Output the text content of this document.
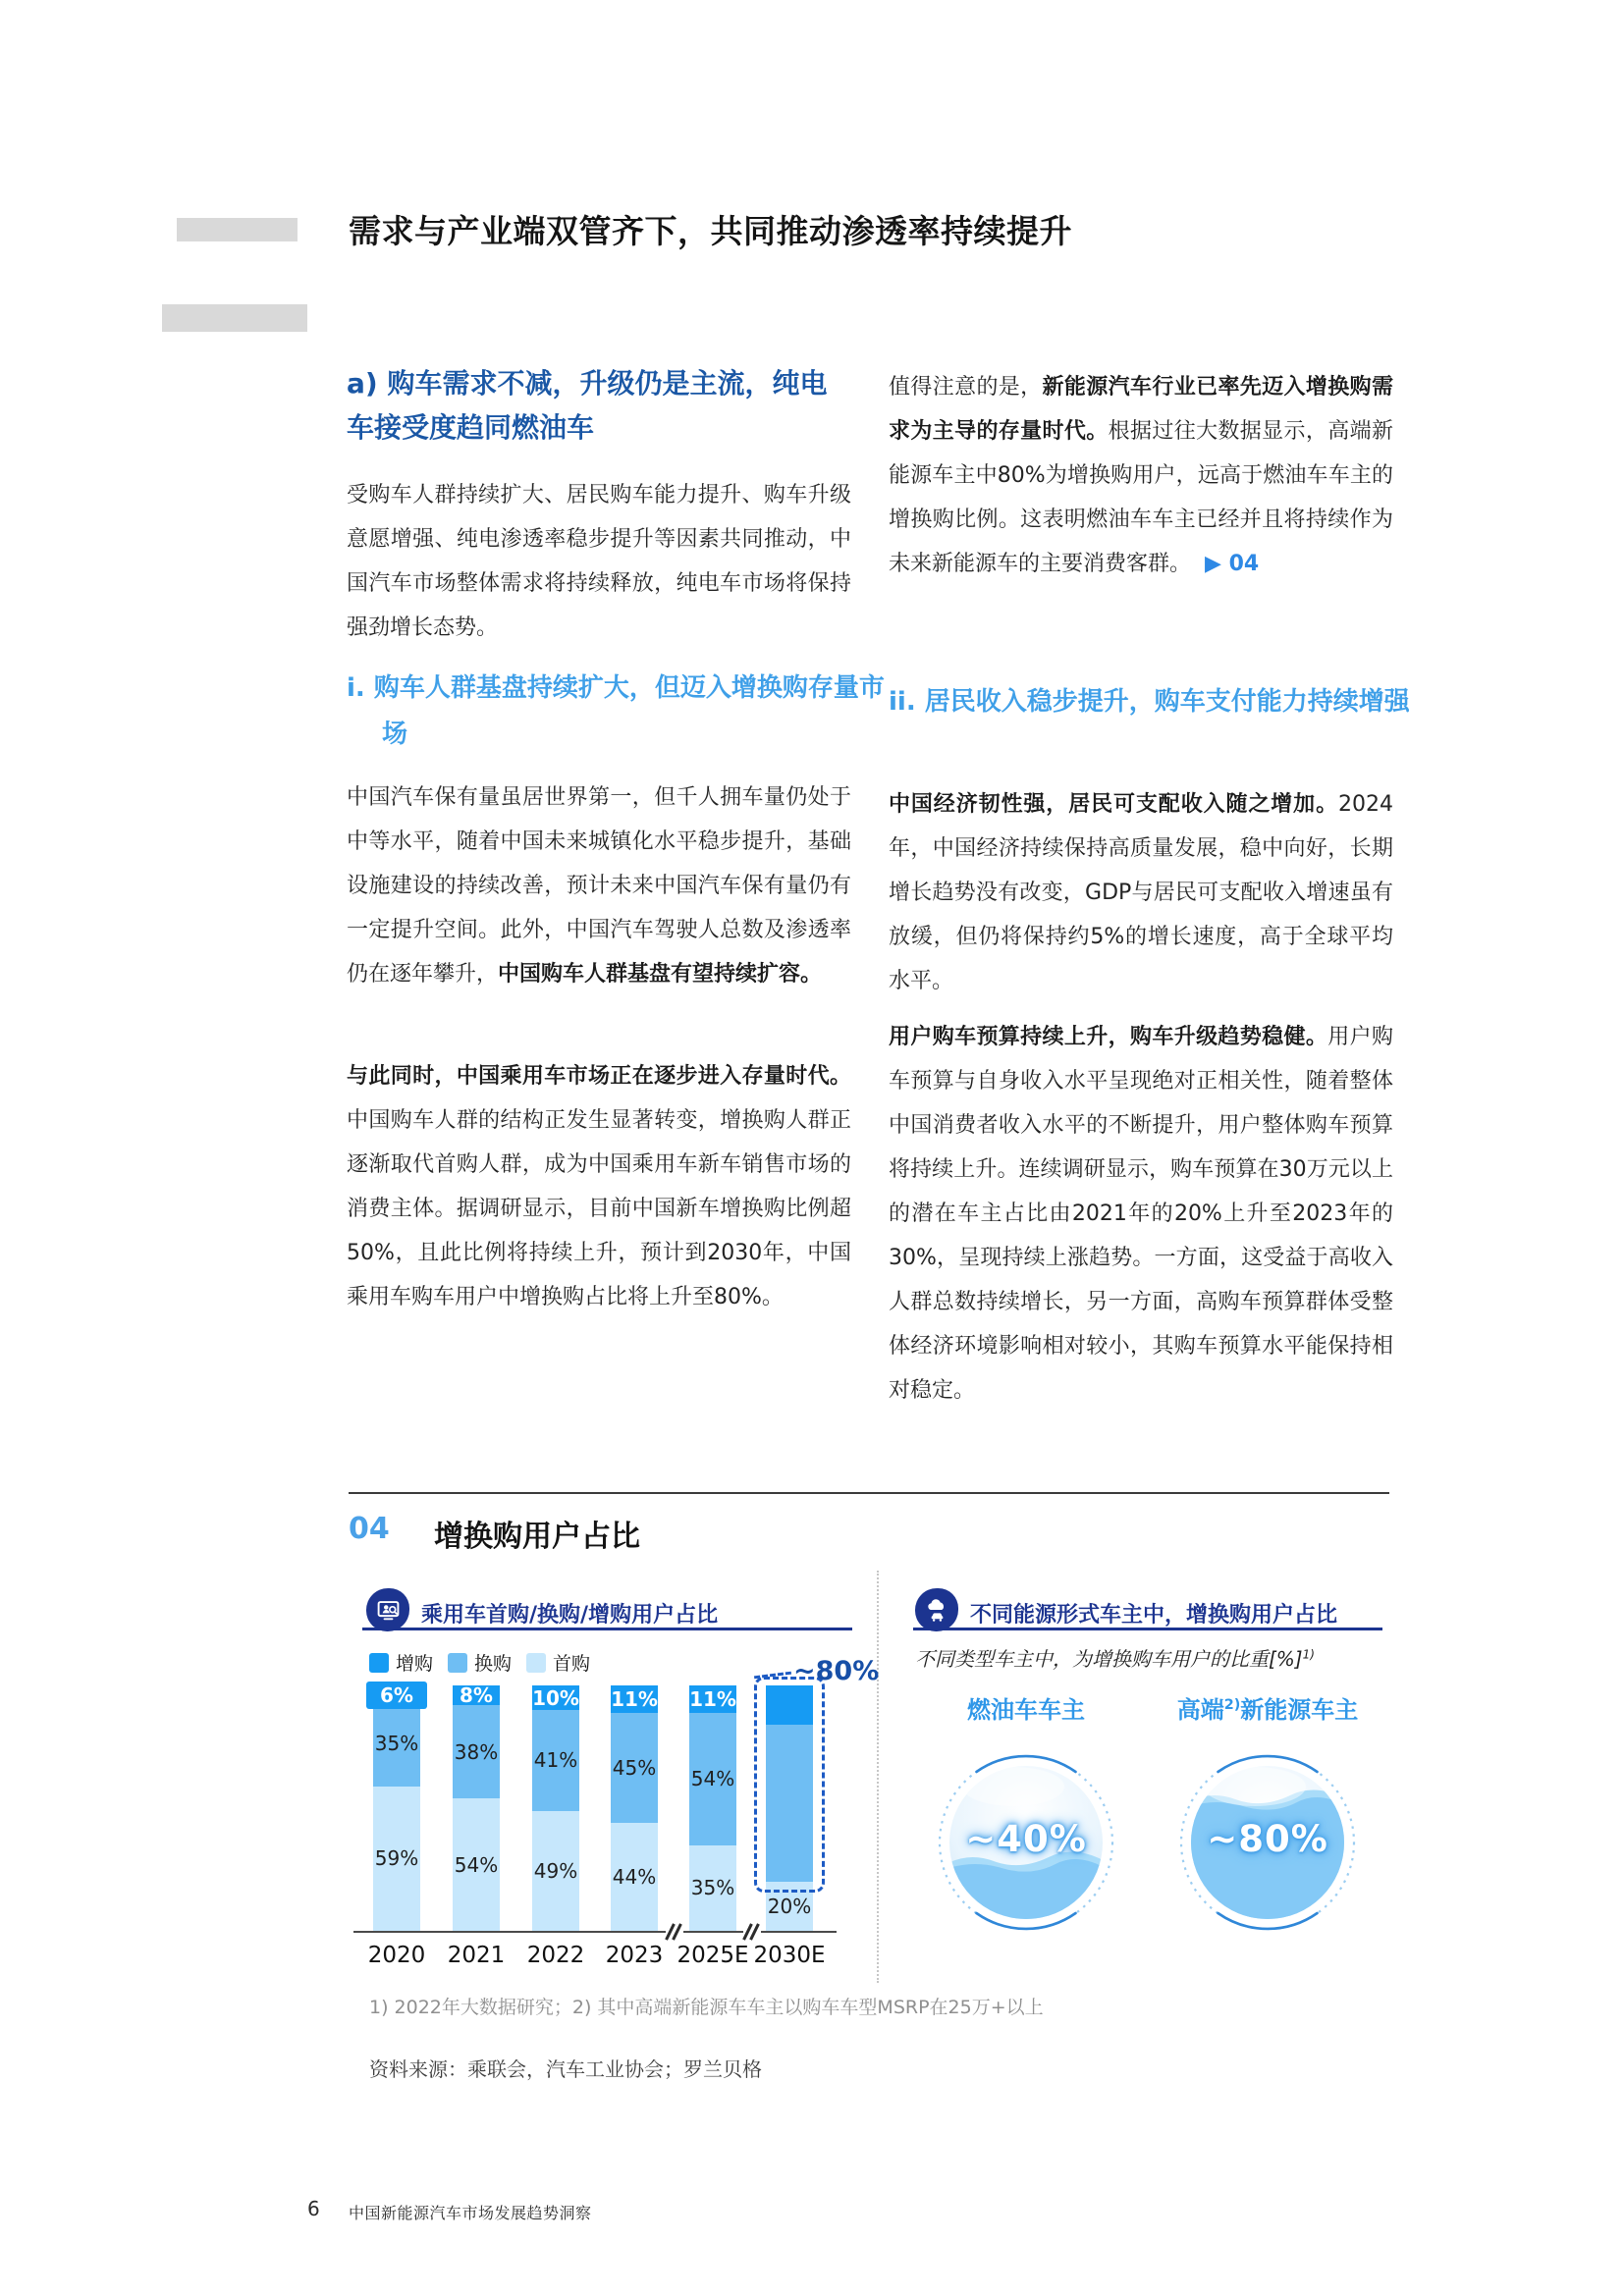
需求与产业端双管齐下，共同推动渗透率持续提升
a) 购车需求不减，升级仍是主流，纯电车接受度趋同燃油车
受购车人群持续扩大、居民购车能力提升、购车升级意愿增强、纯电渗透率稳步提升等因素共同推动，中国汽车市场整体需求将持续释放，纯电车市场将保持强劲增长态势。
i. 购车人群基盘持续扩大，但迈入增换购存量市场
中国汽车保有量虽居世界第一，但千人拥车量仍处于中等水平，随着中国未来城镇化水平稳步提升，基础设施建设的持续改善，预计未来中国汽车保有量仍有一定提升空间。此外，中国汽车驾驶人总数及渗透率仍在逐年攀升，中国购车人群基盘有望持续扩容。
与此同时，中国乘用车市场正在逐步进入存量时代。中国购车人群的结构正发生显著转变，增换购人群正逐渐取代首购人群，成为中国乘用车新车销售市场的消费主体。据调研显示，目前中国新车增换购比例超50%，且此比例将持续上升，预计到2030年，中国乘用车购车用户中增换购占比将上升至80%。
值得注意的是，新能源汽车行业已率先迈入增换购需求为主导的存量时代。根据过往大数据显示，高端新能源车主中80%为增换购用户，远高于燃油车车主的增换购比例。这表明燃油车车主已经并且将持续作为未来新能源车的主要消费客群。 ▶ 04
ii. 居民收入稳步提升，购车支付能力持续增强
中国经济韧性强，居民可支配收入随之增加。2024年，中国经济持续保持高质量发展，稳中向好，长期增长趋势没有改变，GDP与居民可支配收入增速虽有放缓，但仍将保持约5%的增长速度，高于全球平均水平。
用户购车预算持续上升，购车升级趋势稳健。用户购车预算与自身收入水平呈现绝对正相关性，随着整体中国消费者收入水平的不断提升，用户整体购车预算将持续上升。连续调研显示，购车预算在30万元以上的潜在车主占比由2021年的20%上升至2023年的30%，呈现持续上涨趋势。一方面，这受益于高收入人群总数持续增长，另一方面，高购车预算群体受整体经济环境影响相对较小，其购车预算水平能保持相对稳定。
04 增换购用户占比
乘用车首购/换购/增购用户占比
增购 换购 首购
59%
35%
6%
54%
38%
8%
49%
41%
10%
44%
45%
11%
35%
54%
11%
20%
~80%
2020 2021 2022 2023 2025E 2030E
不同能源形式车主中，增换购用户占比
不同类型车主中，为增换购车用户的比重[%]$^{1)}$
燃油车车主	高端$^{2)}$新能源车主
~40%	~80%
1) 2022年大数据研究；2) 其中高端新能源车车主以购车车型MSRP在25万+以上
资料来源：乘联会，汽车工业协会；罗兰贝格
6 中国新能源汽车市场发展趋势洞察
